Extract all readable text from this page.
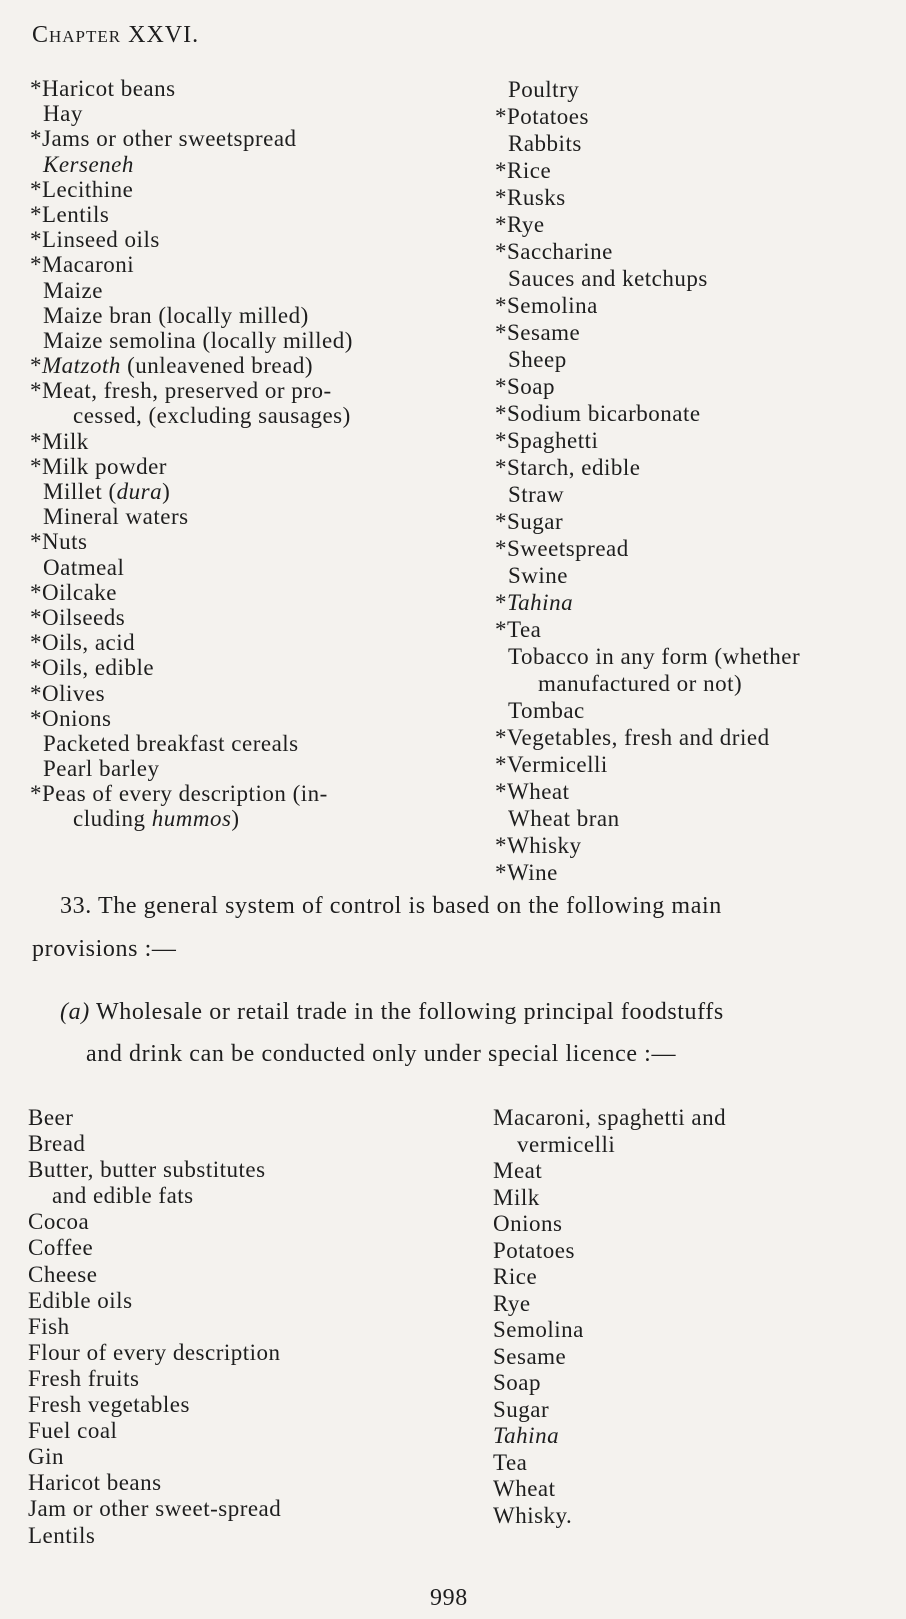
Chapter XXVI.
*Haricot beans
Hay
*Jams or other sweetspread
Kerseneh
*Lecithine
*Lentils
*Linseed oils
*Macaroni
Maize
Maize bran (locally milled)
Maize semolina (locally milled)
*Matzoth (unleavened bread)
*Meat, fresh, preserved or pro-
cessed, (excluding sausages)
*Milk
*Milk powder
Millet (dura)
Mineral waters
*Nuts
Oatmeal
*Oilcake
*Oilseeds
*Oils, acid
*Oils, edible
*Olives
*Onions
Packeted breakfast cereals
Pearl barley
*Peas of every description (in-
cluding hummos)
Poultry
*Potatoes
Rabbits
*Rice
*Rusks
*Rye
*Saccharine
Sauces and ketchups
*Semolina
*Sesame
Sheep
*Soap
*Sodium bicarbonate
*Spaghetti
*Starch, edible
Straw
*Sugar
*Sweetspread
Swine
*Tahina
*Tea
Tobacco in any form (whether
manufactured or not)
Tombac
*Vegetables, fresh and dried
*Vermicelli
*Wheat
Wheat bran
*Whisky
*Wine
33. The general system of control is based on the following main
provisions :—
(a) Wholesale or retail trade in the following principal foodstuffs
and drink can be conducted only under special licence :—
Beer
Bread
Butter, butter substitutes
and edible fats
Cocoa
Coffee
Cheese
Edible oils
Fish
Flour of every description
Fresh fruits
Fresh vegetables
Fuel coal
Gin
Haricot beans
Jam or other sweet-spread
Lentils
Macaroni, spaghetti and
vermicelli
Meat
Milk
Onions
Potatoes
Rice
Rye
Semolina
Sesame
Soap
Sugar
Tahina
Tea
Wheat
Whisky.
998
